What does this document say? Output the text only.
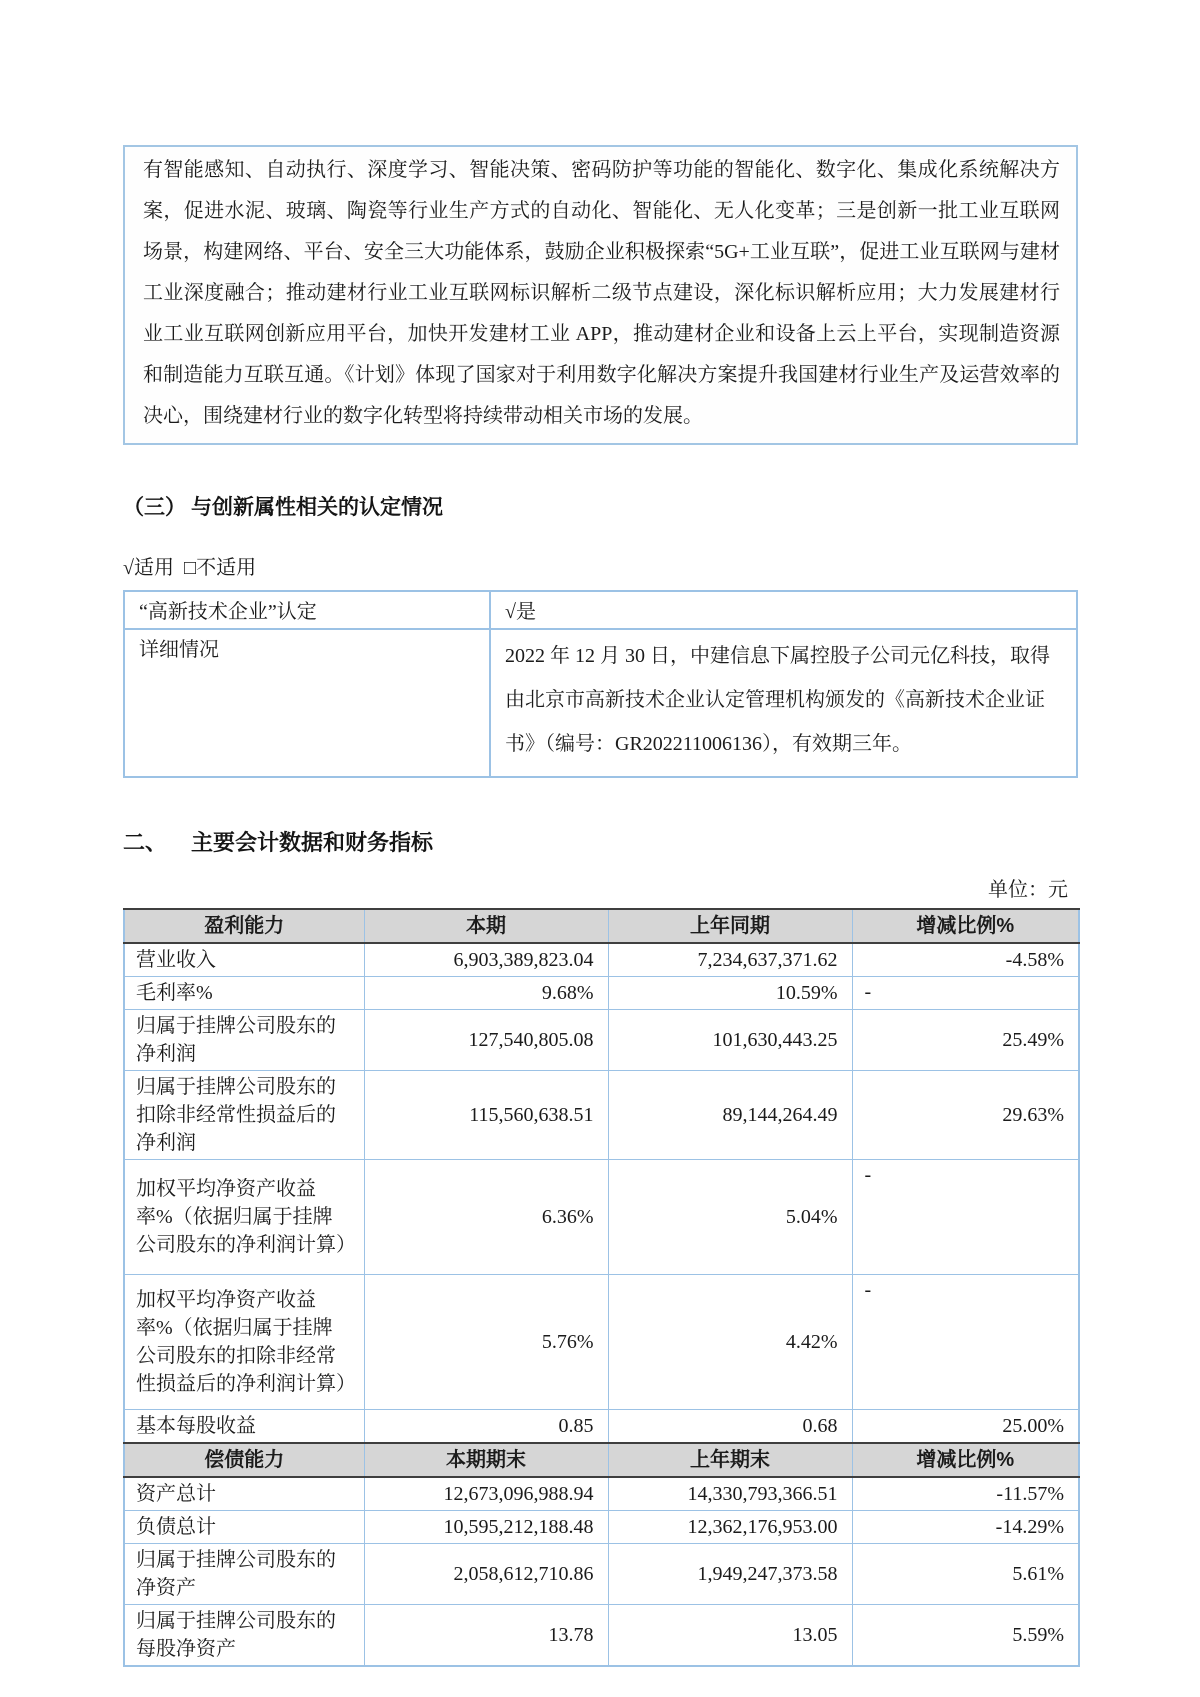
有智能感知、自动执行、深度学习、智能决策、密码防护等功能的智能化、数字化、集成化系统解决方案，促进水泥、玻璃、陶瓷等行业生产方式的自动化、智能化、无人化变革；三是创新一批工业互联网场景，构建网络、平台、安全三大功能体系，鼓励企业积极探索“5G+工业互联”，促进工业互联网与建材工业深度融合；推动建材行业工业互联网标识解析二级节点建设，深化标识解析应用；大力发展建材行业工业互联网创新应用平台，加快开发建材工业 APP，推动建材企业和设备上云上平台，实现制造资源和制造能力互联互通。《计划》体现了国家对于利用数字化解决方案提升我国建材行业生产及运营效率的决心，围绕建材行业的数字化转型将持续带动相关市场的发展。

（三） 与创新属性相关的认定情况
√适用 □不适用
“高新技术企业”认定	√是
详细情况	2022 年 12 月 30 日，中建信息下属控股子公司元亿科技，取得由北京市高新技术企业认定管理机构颁发的《高新技术企业证书》（编号：GR202211006136），有效期三年。
二、 主要会计数据和财务指标
单位：元
盈利能力	本期	上年同期	增减比例%
营业收入	6,903,389,823.04	7,234,637,371.62	-4.58%
毛利率%	9.68%	10.59%	-
归属于挂牌公司股东的净利润	127,540,805.08	101,630,443.25	25.49%
归属于挂牌公司股东的扣除非经常性损益后的净利润	115,560,638.51	89,144,264.49	29.63%
加权平均净资产收益率%（依据归属于挂牌公司股东的净利润计算）	6.36%	5.04%	-
加权平均净资产收益率%（依据归属于挂牌公司股东的扣除非经常性损益后的净利润计算）	5.76%	4.42%	-
基本每股收益	0.85	0.68	25.00%
偿债能力	本期期末	上年期末	增减比例%
资产总计	12,673,096,988.94	14,330,793,366.51	-11.57%
负债总计	10,595,212,188.48	12,362,176,953.00	-14.29%
归属于挂牌公司股东的净资产	2,058,612,710.86	1,949,247,373.58	5.61%
归属于挂牌公司股东的每股净资产	13.78	13.05	5.59%
